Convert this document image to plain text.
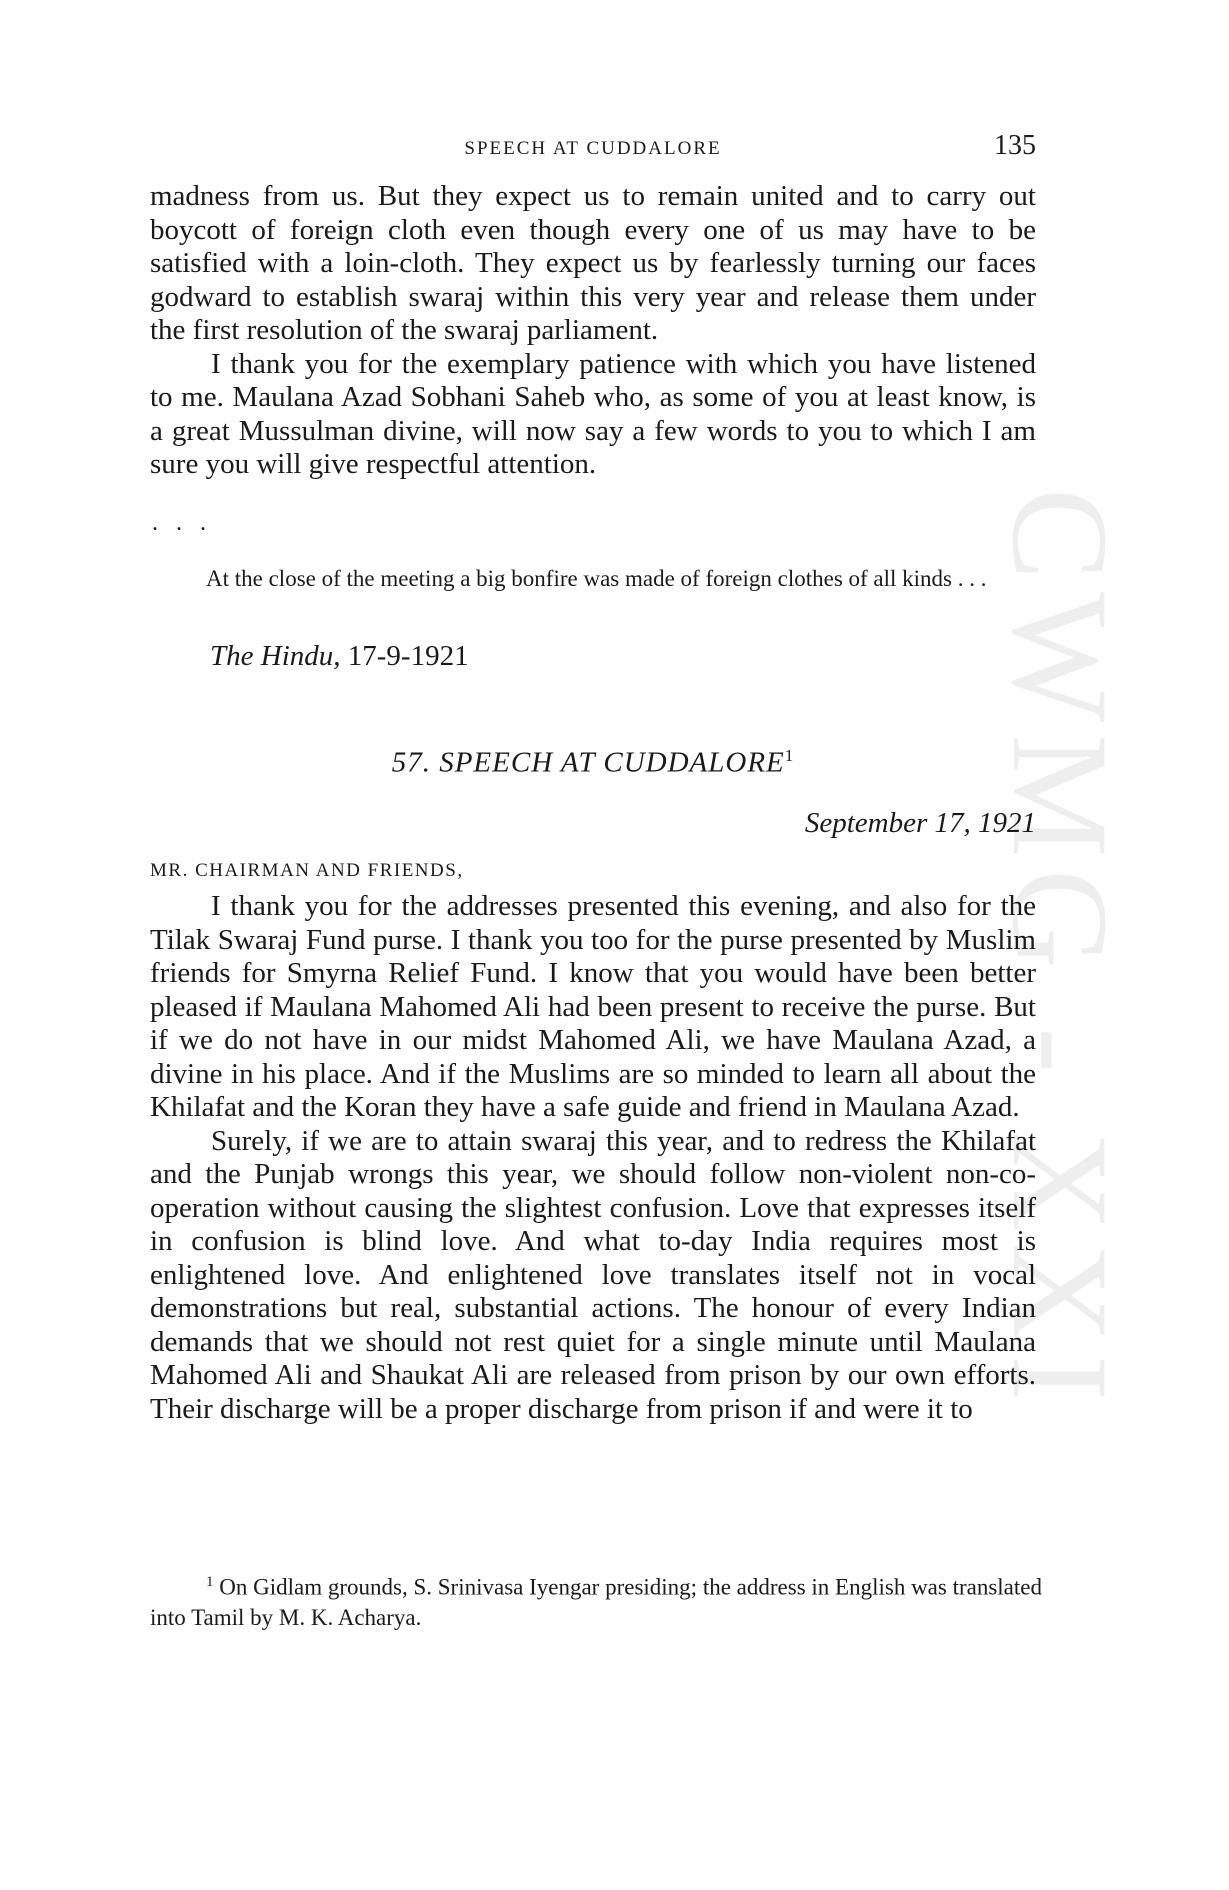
CWMG - XXI
SPEECH AT CUDDALORE	135

madness from us. But they expect us to remain united and to carry out boycott of foreign cloth even though every one of us may have to be satisfied with a loin-cloth. They expect us by fearlessly turning our faces godward to establish swaraj within this very year and release them under the first resolution of the swaraj parliament.

I thank you for the exemplary patience with which you have listened to me. Maulana Azad Sobhani Saheb who, as some of you at least know, is a great Mussulman divine, will now say a few words to you to which I am sure you will give respectful attention.

. . .

At the close of the meeting a big bonfire was made of foreign clothes of all kinds . . .

The Hindu, 17-9-1921
57. SPEECH AT CUDDALORE$^1$
September 17, 1921
MR. CHAIRMAN AND FRIENDS,

I thank you for the addresses presented this evening, and also for the Tilak Swaraj Fund purse. I thank you too for the purse presented by Muslim friends for Smyrna Relief Fund. I know that you would have been better pleased if Maulana Mahomed Ali had been present to receive the purse. But if we do not have in our midst Mahomed Ali, we have Maulana Azad, a divine in his place. And if the Muslims are so minded to learn all about the Khilafat and the Koran they have a safe guide and friend in Maulana Azad.

Surely, if we are to attain swaraj this year, and to redress the Khilafat and the Punjab wrongs this year, we should follow non-violent non-co-operation without causing the slightest confusion. Love that expresses itself in confusion is blind love. And what to-day India requires most is enlightened love. And enlightened love translates itself not in vocal demonstrations but real, substantial actions. The honour of every Indian demands that we should not rest quiet for a single minute until Maulana Mahomed Ali and Shaukat Ali are released from prison by our own efforts. Their discharge will be a proper discharge from prison if and were it to

$^1$ On Gidlam grounds, S. Srinivasa Iyengar presiding; the address in English was translated into Tamil by M. K. Acharya.
